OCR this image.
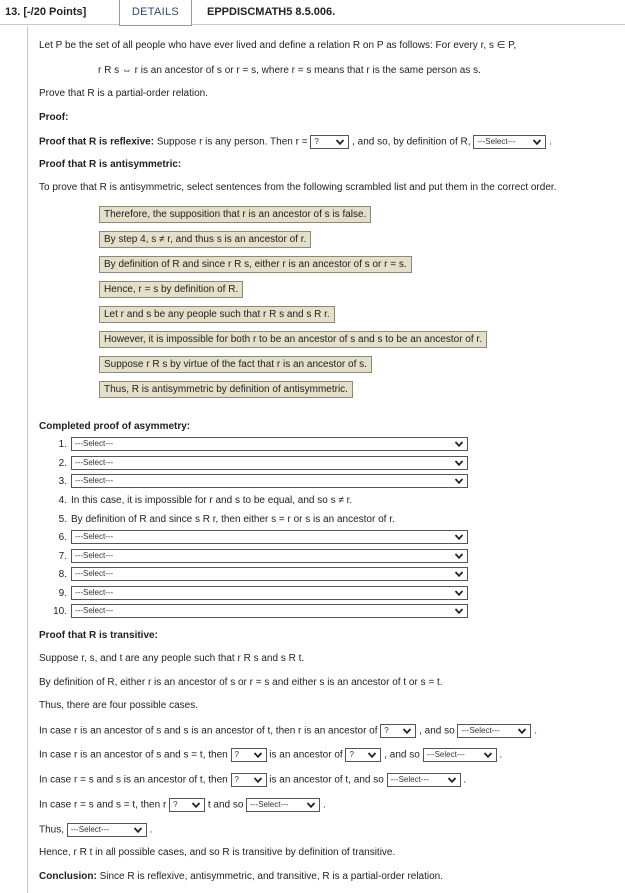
13. [-/20 Points]	DETAILS	EPPDISCMATH5 8.5.006.
Let P be the set of all people who have ever lived and define a relation R on P as follows: For every r, s ∈ P,
r R s ⇔ r is an ancestor of s or r = s, where r = s means that r is the same person as s.
Prove that R is a partial-order relation.
Proof:
Proof that R is reflexive: Suppose r is any person. Then r = ?	, and so, by definition of R, ---Select---	.
Proof that R is antisymmetric:
To prove that R is antisymmetric, select sentences from the following scrambled list and put them in the correct order.
Therefore, the supposition that r is an ancestor of s is false.
By step 4, s ≠ r, and thus s is an ancestor of r.
By definition of R and since r R s, either r is an ancestor of s or r = s.
Hence, r = s by definition of R.
Let r and s be any people such that r R s and s R r.
However, it is impossible for both r to be an ancestor of s and s to be an ancestor of r.
Suppose r R s by virtue of the fact that r is an ancestor of s.
Thus, R is antisymmetric by definition of antisymmetric.
Completed proof of asymmetry:
1.	---Select---
2.	---Select---
3.	---Select---
4. In this case, it is impossible for r and s to be equal, and so s ≠ r.
5. By definition of R and since s R r, then either s = r or s is an ancestor of r.
6.	---Select---
7.	---Select---
8.	---Select---
9.	---Select---
10.	---Select---
Proof that R is transitive:
Suppose r, s, and t are any people such that r R s and s R t.
By definition of R, either r is an ancestor of s or r = s and either s is an ancestor of t or s = t.
Thus, there are four possible cases.
In case r is an ancestor of s and s is an ancestor of t, then r is an ancestor of ?	, and so ---Select---	.
In case r is an ancestor of s and s = t, then ?	is an ancestor of ?	, and so ---Select---	.
In case r = s and s is an ancestor of t, then ?	is an ancestor of t, and so ---Select---	.
In case r = s and s = t, then r ?	t and so ---Select---	.
Thus, ---Select---	.
Hence, r R t in all possible cases, and so R is transitive by definition of transitive.
Conclusion: Since R is reflexive, antisymmetric, and transitive, R is a partial-order relation.
